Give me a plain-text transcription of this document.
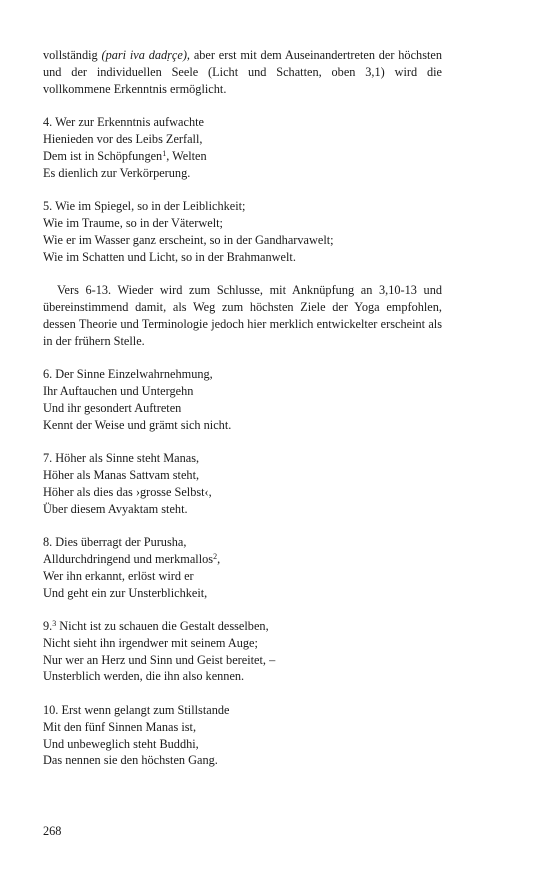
vollständig (pari iva dadṛçe), aber erst mit dem Auseinandertreten der höchsten und der individuellen Seele (Licht und Schatten, oben 3,1) wird die vollkommene Erkenntnis ermöglicht.

4. Wer zur Erkenntnis aufwachte
Hienieden vor des Leibs Zerfall,
Dem ist in Schöpfungen$^1$, Welten
Es dienlich zur Verkörperung.
5. Wie im Spiegel, so in der Leiblichkeit;
Wie im Traume, so in der Väterwelt;
Wie er im Wasser ganz erscheint, so in der Gandharvawelt;
Wie im Schatten und Licht, so in der Brahmanwelt.

Vers 6-13. Wieder wird zum Schlusse, mit Anknüpfung an 3,10-13 und übereinstimmend damit, als Weg zum höchsten Ziele der Yoga empfohlen, dessen Theorie und Terminologie jedoch hier merklich entwickelter erscheint als in der frühern Stelle.

6. Der Sinne Einzelwahrnehmung,
Ihr Auftauchen und Untergehn
Und ihr gesondert Auftreten
Kennt der Weise und grämt sich nicht.
7. Höher als Sinne steht Manas,
Höher als Manas Sattvam steht,
Höher als dies das ›grosse Selbst‹,
Über diesem Avyaktam steht.
8. Dies überragt der Purusha,
Alldurchdringend und merkmallos$^2$,
Wer ihn erkannt, erlöst wird er
Und geht ein zur Unsterblichkeit,
9.$^3$ Nicht ist zu schauen die Gestalt desselben,
Nicht sieht ihn irgendwer mit seinem Auge;
Nur wer an Herz und Sinn und Geist bereitet, –
Unsterblich werden, die ihn also kennen.
10. Erst wenn gelangt zum Stillstande
Mit den fünf Sinnen Manas ist,
Und unbeweglich steht Buddhi,
Das nennen sie den höchsten Gang.
268
